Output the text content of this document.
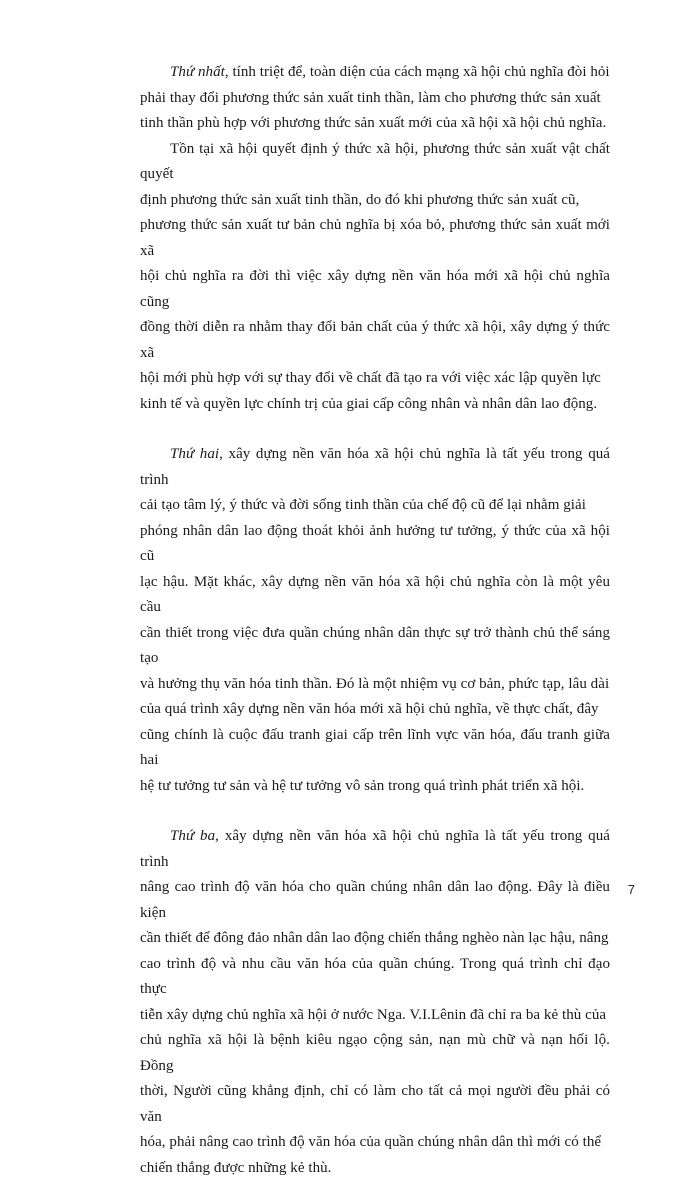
Thứ nhất, tính triệt để, toàn diện của cách mạng xã hội chủ nghĩa đòi hỏi
phải thay đổi phương thức sản xuất tinh thần, làm cho phương thức sản xuất
tinh thần phù hợp với phương thức sản xuất mới của xã hội xã hội chủ nghĩa.

Tồn tại xã hội quyết định ý thức xã hội, phương thức sản xuất vật chất quyết
định phương thức sản xuất tinh thần, do đó khi phương thức sản xuất cũ,
phương thức sản xuất tư bản chủ nghĩa bị xóa bỏ, phương thức sản xuất mới xã
hội chủ nghĩa ra đời thì việc xây dựng nền văn hóa mới xã hội chủ nghĩa cũng
đồng thời diễn ra nhằm thay đổi bản chất của ý thức xã hội, xây dựng ý thức xã
hội mới phù hợp với sự thay đổi về chất đã tạo ra với việc xác lập quyền lực
kinh tế và quyền lực chính trị của giai cấp công nhân và nhân dân lao động.

Thứ hai, xây dựng nền văn hóa xã hội chủ nghĩa là tất yếu trong quá trình
cải tạo tâm lý, ý thức và đời sống tinh thần của chế độ cũ để lại nhằm giải
phóng nhân dân lao động thoát khỏi ảnh hưởng tư tưởng, ý thức của xã hội cũ
lạc hậu. Mặt khác, xây dựng nền văn hóa xã hội chủ nghĩa còn là một yêu cầu
cần thiết trong việc đưa quần chúng nhân dân thực sự trở thành chủ thể sáng tạo
và hưởng thụ văn hóa tinh thần. Đó là một nhiệm vụ cơ bản, phức tạp, lâu dài
của quá trình xây dựng nền văn hóa mới xã hội chủ nghĩa, về thực chất, đây
cũng chính là cuộc đấu tranh giai cấp trên lĩnh vực văn hóa, đấu tranh giữa hai
hệ tư tưởng tư sản và hệ tư tưởng vô sản trong quá trình phát triển xã hội.

Thứ ba, xây dựng nền văn hóa xã hội chủ nghĩa là tất yếu trong quá trình
nâng cao trình độ văn hóa cho quần chúng nhân dân lao động. Đây là điều kiện
cần thiết để đông đảo nhân dân lao động chiến thắng nghèo nàn lạc hậu, nâng
cao trình độ và nhu cầu văn hóa của quần chúng. Trong quá trình chỉ đạo thực
tiễn xây dựng chủ nghĩa xã hội ở nước Nga. V.I.Lênin đã chỉ ra ba kẻ thù của
chủ nghĩa xã hội là bệnh kiêu ngạo cộng sản, nạn mù chữ và nạn hối lộ. Đồng
thời, Người cũng khẳng định, chỉ có làm cho tất cả mọi người đều phải có văn
hóa, phải nâng cao trình độ văn hóa của quần chúng nhân dân thì mới có thể
chiến thắng được những kẻ thù.

7
